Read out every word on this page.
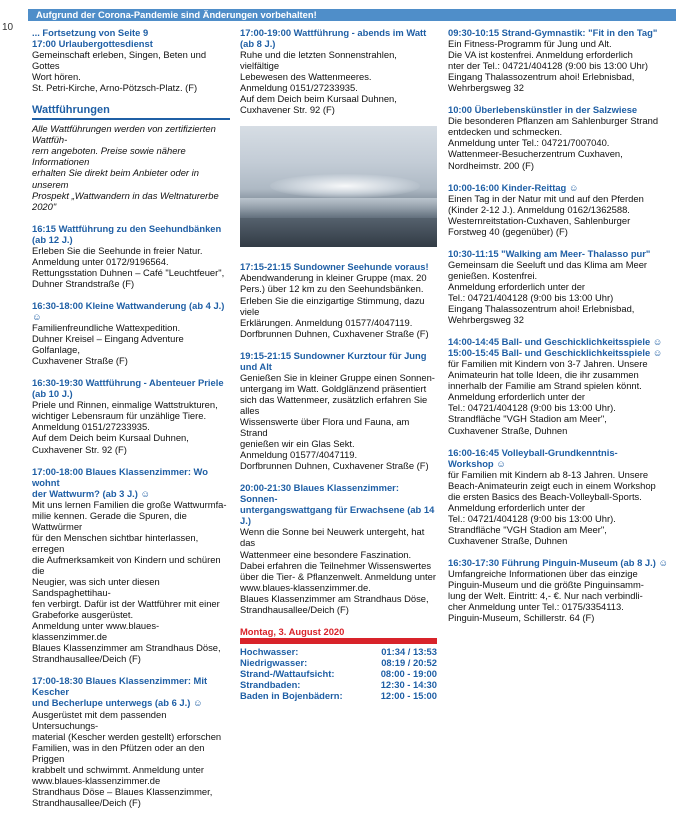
10
Aufgrund der Corona-Pandemie sind Änderungen vorbehalten!
... Fortsetzung von Seite 9
17:00 Urlaubergottesdienst
Gemeinschaft erleben, Singen, Beten und Gottes
Wort hören.
St. Petri-Kirche, Arno-Pötzsch-Platz. (F)
Wattführungen
Alle Wattführungen werden von zertifizierten Wattfüh-
rern angeboten. Preise sowie nähere Informationen
erhalten Sie direkt beim Anbieter oder in unserem
Prospekt „Wattwandern in das Weltnaturerbe 2020"
16:15 Wattführung zu den Seehundbänken
(ab 12 J.)
Erleben Sie die Seehunde in freier Natur.
Anmeldung unter 0172/9196564.
Rettungsstation Duhnen – Café "Leuchtfeuer",
Duhner Strandstraße (F)
16:30-18:00 Kleine Wattwanderung (ab 4 J.) ☺
Familienfreundliche Wattexpedition.
Duhner Kreisel – Eingang Adventure Golfanlage,
Cuxhavener Straße (F)
16:30-19:30 Wattführung - Abenteuer Priele
(ab 10 J.)
Priele und Rinnen, einmalige Wattstrukturen,
wichtiger Lebensraum für unzählige Tiere.
Anmeldung 0151/27233935.
Auf dem Deich beim Kursaal Duhnen,
Cuxhavener Str. 92 (F)
17:00-18:00 Blaues Klassenzimmer: Wo wohnt
der Wattwurm? (ab 3 J.) ☺
Mit uns lernen Familien die große Wattwurmfa-
milie kennen. Gerade die Spuren, die Wattwürmer
für den Menschen sichtbar hinterlassen, erregen
die Aufmerksamkeit von Kindern und schüren die
Neugier, was sich unter diesen Sandspaghettihau-
fen verbirgt. Dafür ist der Wattführer mit einer
Grabeforke ausgerüstet.
Anmeldung unter www.blaues-klassenzimmer.de
Blaues Klassenzimmer am Strandhaus Döse,
Strandhausallee/Deich (F)
17:00-18:30 Blaues Klassenzimmer: Mit Kescher
und Becherlupe unterwegs (ab 6 J.) ☺
Ausgerüstet mit dem passenden Untersuchungs-
material (Kescher werden gestellt) erforschen
Familien, was in den Pfützen oder an den Priggen
krabbelt und schwimmt. Anmeldung unter
www.blaues-klassenzimmer.de
Strandhaus Döse – Blaues Klassenzimmer,
Strandhausallee/Deich (F)
17:00-19:00 Wattführung - abends im Watt
(ab 8 J.)
Ruhe und die letzten Sonnenstrahlen, vielfältige
Lebewesen des Wattenmeeres.
Anmeldung 0151/27233935.
Auf dem Deich beim Kursaal Duhnen,
Cuxhavener Str. 92 (F)
17:15-21:15 Sundowner Seehunde voraus!
Abendwanderung in kleiner Gruppe (max. 20
Pers.) über 12 km zu den Seehundsbänken.
Erleben Sie die einzigartige Stimmung, dazu viele
Erklärungen. Anmeldung 01577/4047119.
Dorfbrunnen Duhnen, Cuxhavener Straße (F)
19:15-21:15 Sundowner Kurztour für Jung und Alt
Genießen Sie in kleiner Gruppe einen Sonnen-
untergang im Watt. Goldglänzend präsentiert
sich das Wattenmeer, zusätzlich erfahren Sie alles
Wissenswerte über Flora und Fauna, am Strand
genießen wir ein Glas Sekt.
Anmeldung 01577/4047119.
Dorfbrunnen Duhnen, Cuxhavener Straße (F)
20:00-21:30 Blaues Klassenzimmer: Sonnen-
untergangswattgang für Erwachsene (ab 14 J.)
Wenn die Sonne bei Neuwerk untergeht, hat das
Wattenmeer eine besondere Faszination.
Dabei erfahren die Teilnehmer Wissenswertes
über die Tier- & Pflanzenwelt. Anmeldung unter
www.blaues-klassenzimmer.de.
Blaues Klassenzimmer am Strandhaus Döse,
Strandhausallee/Deich (F)
Montag, 3. August 2020
Hochwasser:	01:34 / 13:53
Niedrigwasser:	08:19 / 20:52
Strand-/Wattaufsicht:	08:00 - 19:00
Strandbaden:	12:30 - 14:30
Baden in Bojenbädern:	12:00 - 15:00
09:30-10:15 Strand-Gymnastik: "Fit in den Tag"
Ein Fitness-Programm für Jung und Alt.
Die VA ist kostenfrei. Anmeldung erforderlich
nter der Tel.: 04721/404128 (9:00 bis 13:00 Uhr)
Eingang Thalassozentrum ahoi! Erlebnisbad,
Wehrbergsweg 32
10:00 Überlebenskünstler in der Salzwiese
Die besonderen Pflanzen am Sahlenburger Strand
entdecken und schmecken.
Anmeldung unter Tel.: 04721/7007040.
Wattenmeer-Besucherzentrum Cuxhaven,
Nordheimstr. 200 (F)
10:00-16:00 Kinder-Reittag ☺
Einen Tag in der Natur mit und auf den Pferden
(Kinder 2-12 J.). Anmeldung 0162/1362588.
Westernreitstation-Cuxhaven, Sahlenburger
Forstweg 40 (gegenüber) (F)
10:30-11:15 "Walking am Meer- Thalasso pur"
Gemeinsam die Seeluft und das Klima am Meer
genießen. Kostenfrei.
Anmeldung erforderlich unter der
Tel.: 04721/404128 (9:00 bis 13:00 Uhr)
Eingang Thalassozentrum ahoi! Erlebnisbad,
Wehrbergsweg 32
14:00-14:45 Ball- und Geschicklichkeitsspiele ☺
15:00-15:45 Ball- und Geschicklichkeitsspiele ☺
für Familien mit Kindern von 3-7 Jahren. Unsere
Animateurin hat tolle Ideen, die ihr zusammen
innerhalb der Familie am Strand spielen könnt.
Anmeldung erforderlich unter der
Tel.: 04721/404128 (9:00 bis 13:00 Uhr).
Strandfläche "VGH Stadion am Meer",
Cuxhavener Straße, Duhnen
16:00-16:45 Volleyball-Grundkenntnis-
Workshop ☺
für Familien mit Kindern ab 8-13 Jahren. Unsere
Beach-Animateurin zeigt euch in einem Workshop
die ersten Basics des Beach-Volleyball-Sports.
Anmeldung erforderlich unter der
Tel.: 04721/404128 (9:00 bis 13:00 Uhr).
Strandfläche "VGH Stadion am Meer",
Cuxhavener Straße, Duhnen
16:30-17:30 Führung Pinguin-Museum (ab 8 J.) ☺
Umfangreiche Informationen über das einzige
Pinguin-Museum und die größte Pinguinsamm-
lung der Welt. Eintritt: 4,- €. Nur nach verbindli-
cher Anmeldung unter Tel.: 0175/3354113.
Pinguin-Museum, Schillerstr. 64 (F)
